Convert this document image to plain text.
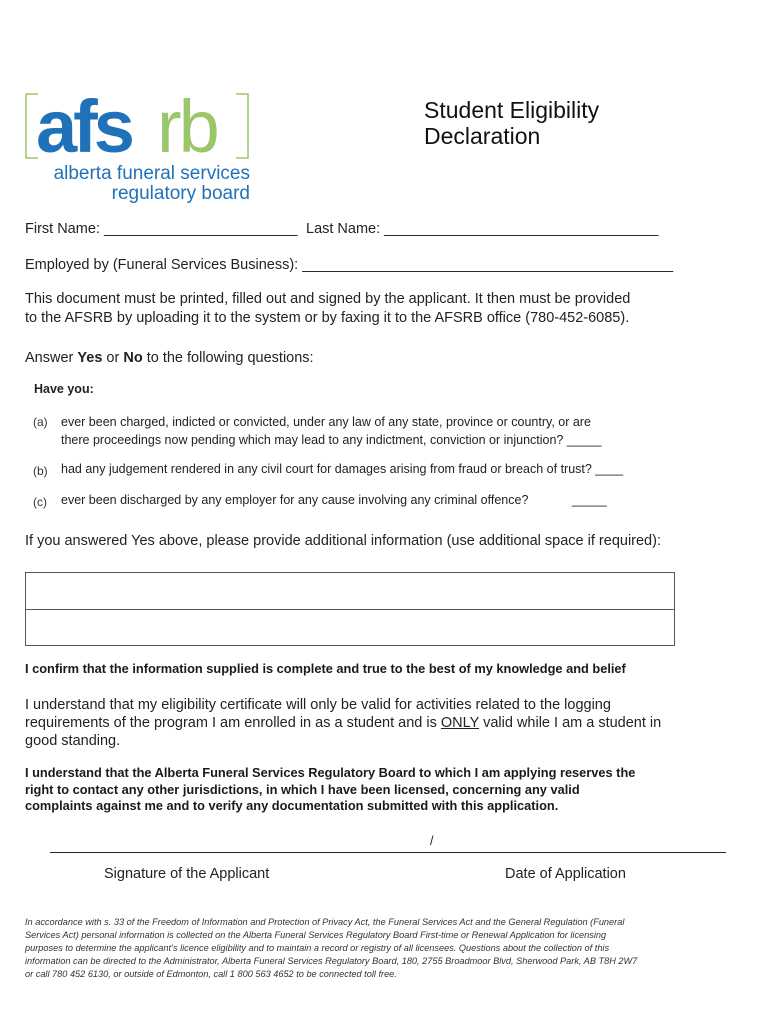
afs rb
alberta funeral services
regulatory board
Student Eligibility
Declaration
First Name: ________________________ Last Name: __________________________________
Employed by (Funeral Services Business): ______________________________________________
This document must be printed, filled out and signed by the applicant. It then must be provided
to the AFSRB by uploading it to the system or by faxing it to the AFSRB office (780-452-6085).
Answer Yes or No to the following questions:
Have you:
(a) ever been charged, indicted or convicted, under any law of any state, province or country, or are
there proceedings now pending which may lead to any indictment, conviction or injunction? _____
(b) had any judgement rendered in any civil court for damages arising from fraud or breach of trust? ____
(c) ever been discharged by any employer for any cause involving any criminal offence?	_____
If you answered Yes above, please provide additional information (use additional space if required):
I confirm that the information supplied is complete and true to the best of my knowledge and belief
I understand that my eligibility certificate will only be valid for activities related to the logging
requirements of the program I am enrolled in as a student and is ONLY valid while I am a student in
good standing.
I understand that the Alberta Funeral Services Regulatory Board to which I am applying reserves the
right to contact any other jurisdictions, in which I have been licensed, concerning any valid
complaints against me and to verify any documentation submitted with this application.
/
Signature of the Applicant	Date of Application
In accordance with s. 33 of the Freedom of Information and Protection of Privacy Act, the Funeral Services Act and the General Regulation (Funeral
Services Act) personal information is collected on the Alberta Funeral Services Regulatory Board First-time or Renewal Application for licensing
purposes to determine the applicant’s licence eligibility and to maintain a record or registry of all licensees. Questions about the collection of this
information can be directed to the Administrator, Alberta Funeral Services Regulatory Board, 180, 2755 Broadmoor Blvd, Sherwood Park, AB T8H 2W7
or call 780 452 6130, or outside of Edmonton, call 1 800 563 4652 to be connected toll free.
